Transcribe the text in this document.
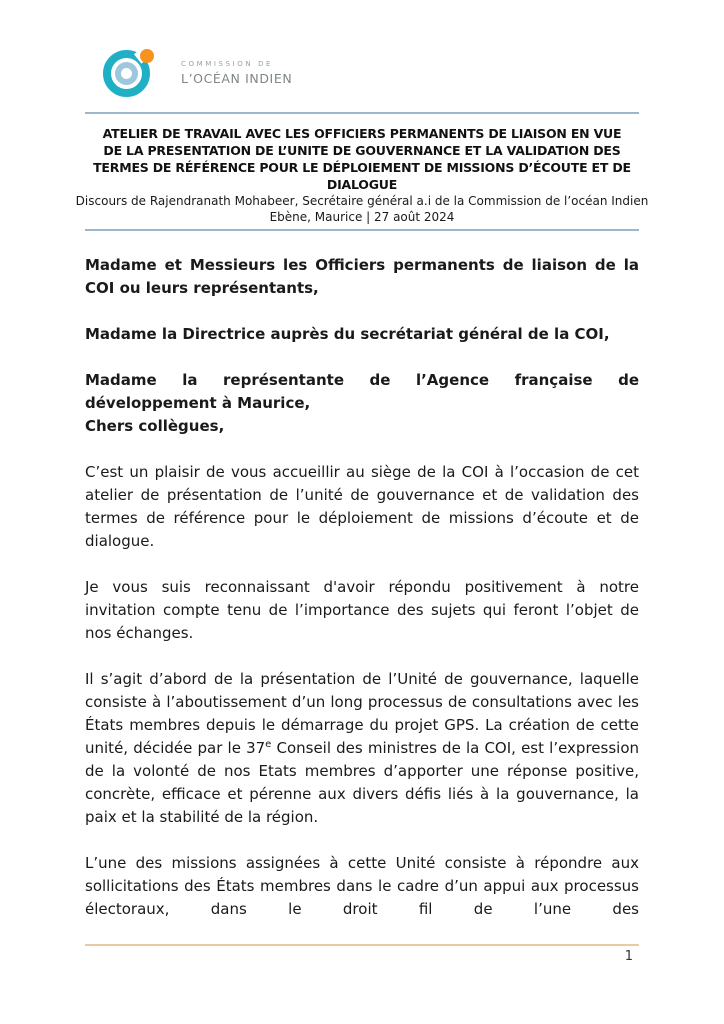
COMMISSION DE
L’OCÉAN INDIEN
ATELIER DE TRAVAIL AVEC LES OFFICIERS PERMANENTS DE LIAISON EN VUE
DE LA PRESENTATION DE L’UNITE DE GOUVERNANCE ET LA VALIDATION DES
TERMES DE RÉFÉRENCE POUR LE DÉPLOIEMENT DE MISSIONS D’ÉCOUTE ET DE
DIALOGUE
Discours de Rajendranath Mohabeer, Secrétaire général a.i de la Commission de l’océan Indien
Ebène, Maurice | 27 août 2024

Madame et Messieurs les Officiers permanents de liaison de la COI ou leurs représentants,

Madame la Directrice auprès du secrétariat général de la COI,

Madame la représentante de l’Agence française de développement à Maurice,

Chers collègues,

C’est un plaisir de vous accueillir au siège de la COI à l’occasion de cet atelier de présentation de l’unité de gouvernance et de validation des termes de référence pour le déploiement de missions d’écoute et de dialogue.

Je vous suis reconnaissant d'avoir répondu positivement à notre invitation compte tenu de l’importance des sujets qui feront l’objet de nos échanges.

Il s’agit d’abord de la présentation de l’Unité de gouvernance, laquelle consiste à l’aboutissement d’un long processus de consultations avec les États membres depuis le démarrage du projet GPS. La création de cette unité, décidée par le 37e Conseil des ministres de la COI, est l’expression de la volonté de nos Etats membres d’apporter une réponse positive, concrète, efficace et pérenne aux divers défis liés à la gouvernance, la paix et la stabilité de la région.

L’une des missions assignées à cette Unité consiste à répondre aux sollicitations des États membres dans le cadre d’un appui aux processus électoraux, dans le droit fil de l’une des

1
